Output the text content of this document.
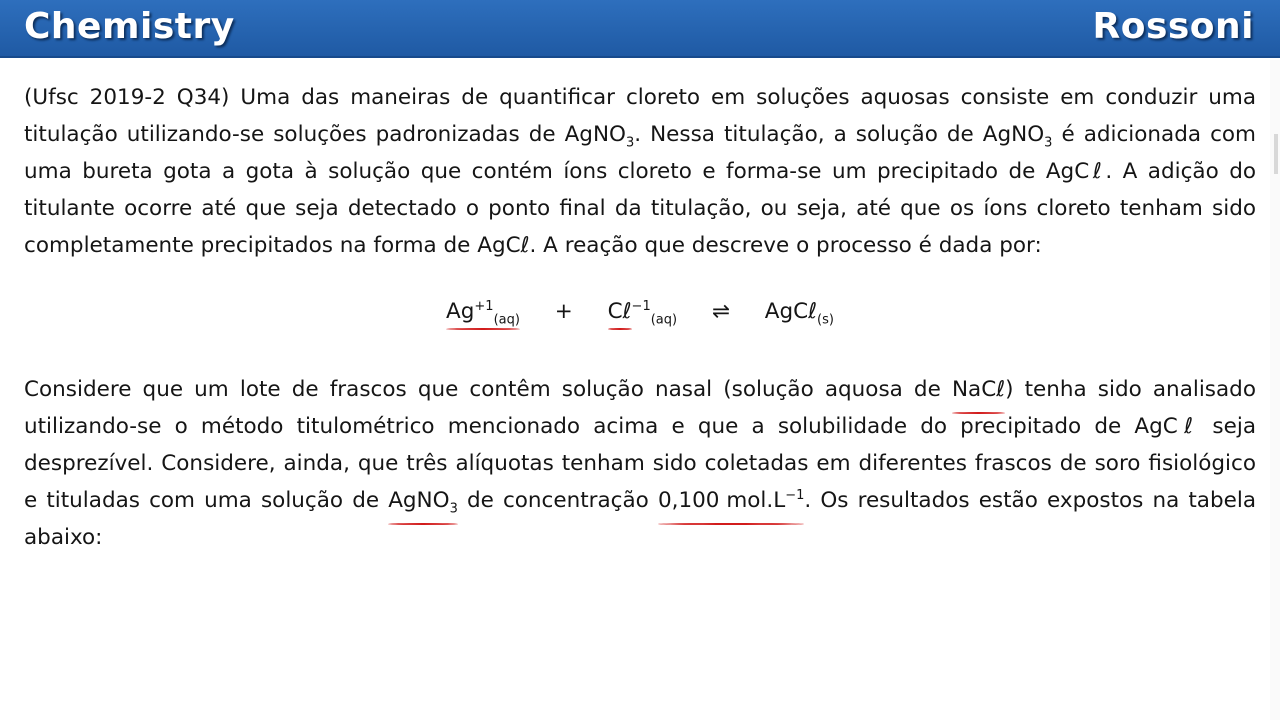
Chemistry	Rossoni

(Ufsc 2019-2 Q34) Uma das maneiras de quantificar cloreto em soluções aquosas consiste em conduzir uma titulação utilizando-se soluções padronizadas de AgNO$_3$. Nessa titulação, a solução de AgNO$_3$ é adicionada com uma bureta gota a gota à solução que contém íons cloreto e forma-se um precipitado de AgCℓ. A adição do titulante ocorre até que seja detectado o ponto final da titulação, ou seja, até que os íons cloreto tenham sido completamente precipitados na forma de AgCℓ. A reação que descreve o processo é dada por:

$Ag^{+1}_{(aq)}$ + Cℓ$^{-1}_{(aq)}$ ⇌ AgCℓ$_{(s)}$

Considere que um lote de frascos que contêm solução nasal (solução aquosa de NaCℓ) tenha sido analisado utilizando-se o método titulométrico mencionado acima e que a solubilidade do precipitado de AgCℓ seja desprezível. Considere, ainda, que três alíquotas tenham sido coletadas em diferentes frascos de soro fisiológico e tituladas com uma solução de AgNO$_3$ de concentração 0,100 $mol.L^{-1}$. Os resultados estão expostos na tabela abaixo:
